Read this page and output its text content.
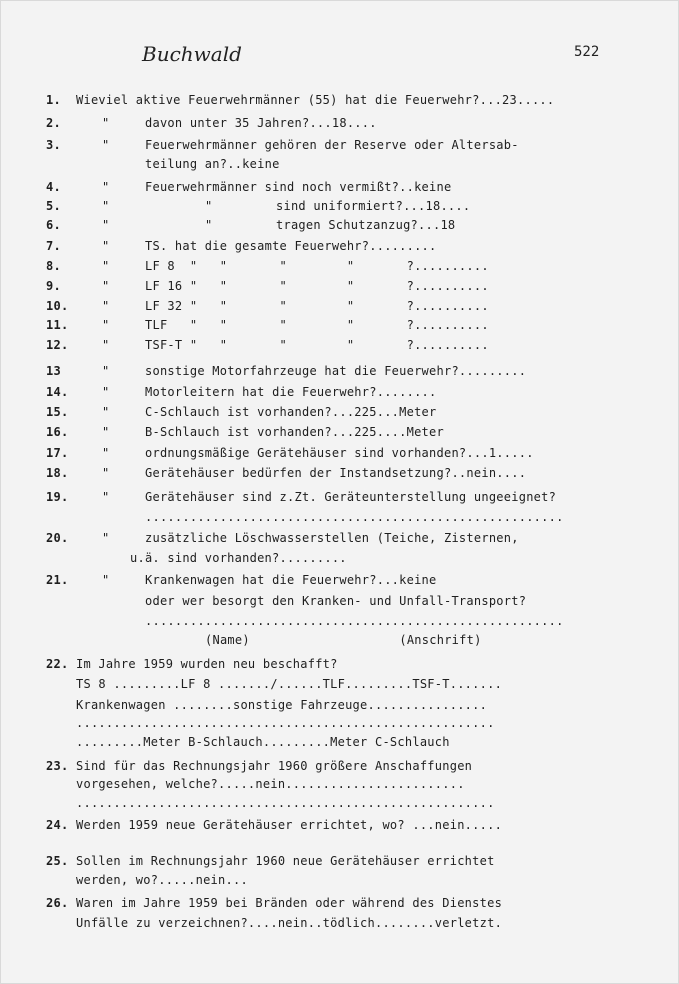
Buchwald	522
1. Wieviel aktive Feuerwehrmänner (55) hat die Feuerwehr?...23.....
2.	"	davon unter 35 Jahren?...18....
3.	"	Feuerwehrmänner gehören der Reserve oder Altersab-
teilung an?..keine
4.	"	Feuerwehrmänner sind noch vermißt?..keine
5.	"	"	sind uniformiert?...18....
6.	"	"	tragen Schutzanzug?...18
7.	"	TS. hat die gesamte Feuerwehr?.........
8.	"	LF 8  "   "       "        "       ?..........
9.	"	LF 16 "   "       "        "       ?..........
10.	"	LF 32 "   "       "        "       ?..........
11.	"	TLF   "   "       "        "       ?..........
12.	"	TSF-T "   "       "        "       ?..........
13	"	sonstige Motorfahrzeuge hat die Feuerwehr?.........
14.	"	Motorleitern hat die Feuerwehr?........
15.	"	C-Schlauch ist vorhanden?...225...Meter
16.	"	B-Schlauch ist vorhanden?...225....Meter
17.	"	ordnungsmäßige Gerätehäuser sind vorhanden?...1.....
18.	"	Gerätehäuser bedürfen der Instandsetzung?..nein....
19.	"	Gerätehäuser sind z.Zt. Geräteunterstellung ungeeignet?
........................................................
20.	"	zusätzliche Löschwasserstellen (Teiche, Zisternen,
u.ä. sind vorhanden?.........
21.	"	Krankenwagen hat die Feuerwehr?...keine
oder wer besorgt den Kranken- und Unfall-Transport?
........................................................
(Name)                    (Anschrift)
22. Im Jahre 1959 wurden neu beschafft?
TS 8 .........LF 8 ......./......TLF.........TSF-T.......
Krankenwagen ........sonstige Fahrzeuge................
........................................................
.........Meter B-Schlauch.........Meter C-Schlauch
23. Sind für das Rechnungsjahr 1960 größere Anschaffungen
vorgesehen, welche?.....nein........................
........................................................
24. Werden 1959 neue Gerätehäuser errichtet, wo? ...nein.....
25. Sollen im Rechnungsjahr 1960 neue Gerätehäuser errichtet
werden, wo?.....nein...
26. Waren im Jahre 1959 bei Bränden oder während des Dienstes
Unfälle zu verzeichnen?....nein..tödlich........verletzt.
